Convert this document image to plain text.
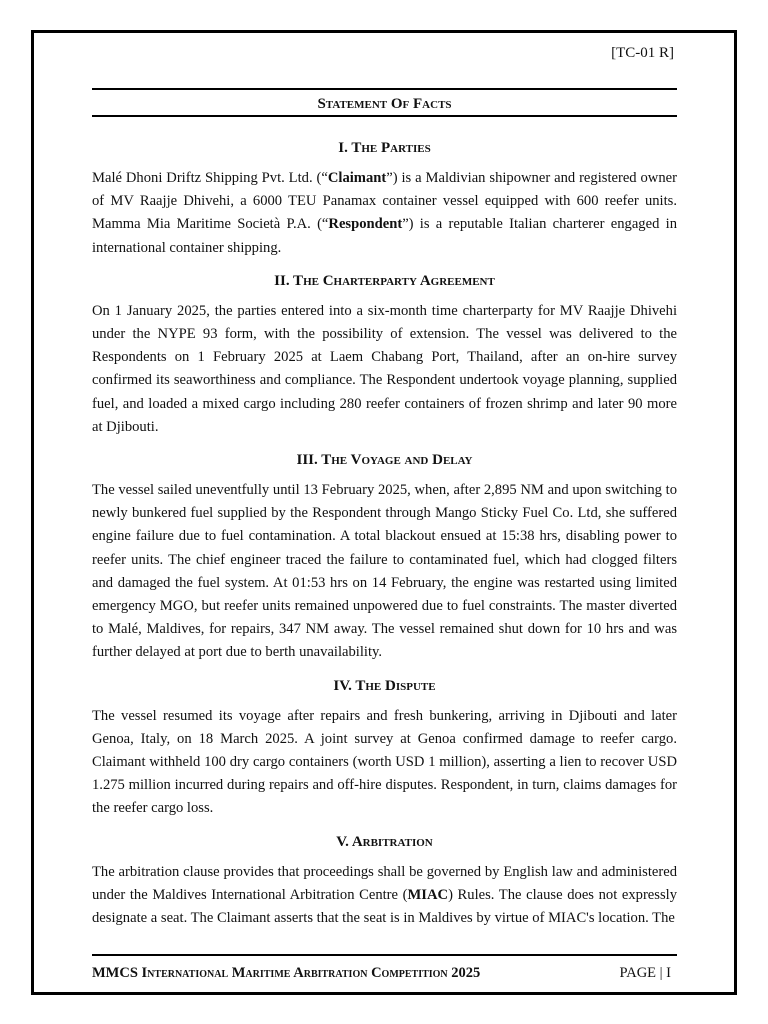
[TC-01 R]
Statement Of Facts
I. The Parties

Malé Dhoni Driftz Shipping Pvt. Ltd. (“Claimant”) is a Maldivian shipowner and registered owner of MV Raajje Dhivehi, a 6000 TEU Panamax container vessel equipped with 600 reefer units. Mamma Mia Maritime Società P.A. (“Respondent”) is a reputable Italian charterer engaged in international container shipping.

II. The Charterparty Agreement

On 1 January 2025, the parties entered into a six-month time charterparty for MV Raajje Dhivehi under the NYPE 93 form, with the possibility of extension. The vessel was delivered to the Respondents on 1 February 2025 at Laem Chabang Port, Thailand, after an on-hire survey confirmed its seaworthiness and compliance. The Respondent undertook voyage planning, supplied fuel, and loaded a mixed cargo including 280 reefer containers of frozen shrimp and later 90 more at Djibouti.

III. The Voyage and Delay

The vessel sailed uneventfully until 13 February 2025, when, after 2,895 NM and upon switching to newly bunkered fuel supplied by the Respondent through Mango Sticky Fuel Co. Ltd, she suffered engine failure due to fuel contamination. A total blackout ensued at 15:38 hrs, disabling power to reefer units. The chief engineer traced the failure to contaminated fuel, which had clogged filters and damaged the fuel system. At 01:53 hrs on 14 February, the engine was restarted using limited emergency MGO, but reefer units remained unpowered due to fuel constraints. The master diverted to Malé, Maldives, for repairs, 347 NM away. The vessel remained shut down for 10 hrs and was further delayed at port due to berth unavailability.

IV. The Dispute

The vessel resumed its voyage after repairs and fresh bunkering, arriving in Djibouti and later Genoa, Italy, on 18 March 2025. A joint survey at Genoa confirmed damage to reefer cargo. Claimant withheld 100 dry cargo containers (worth USD 1 million), asserting a lien to recover USD 1.275 million incurred during repairs and off-hire disputes. Respondent, in turn, claims damages for the reefer cargo loss.

V. Arbitration

The arbitration clause provides that proceedings shall be governed by English law and administered under the Maldives International Arbitration Centre (MIAC) Rules. The clause does not expressly designate a seat. The Claimant asserts that the seat is in Maldives by virtue of MIAC's location. The

MMCS International Maritime Arbitration Competition 2025	PAGE | I
